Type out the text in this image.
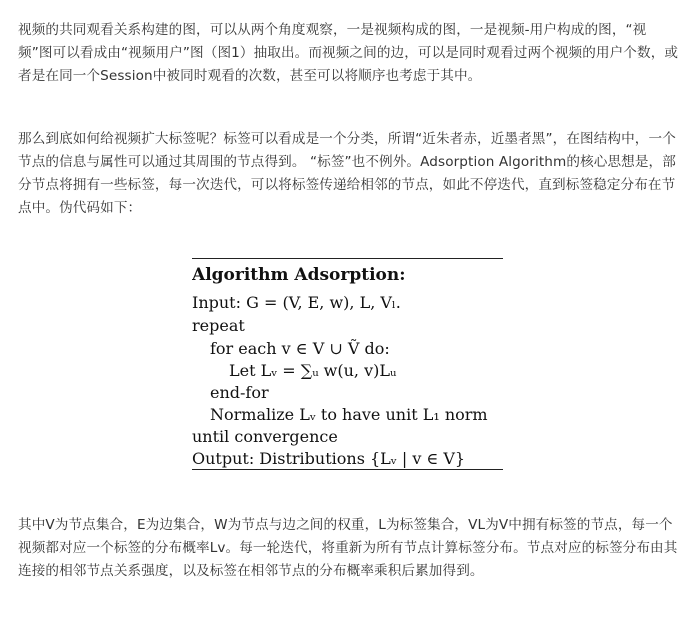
视频的共同观看关系构建的图，可以从两个角度观察，一是视频构成的图，一是视频-用户构成的图，“视频”图可以看成由“视频用户”图（图1）抽取出。而视频之间的边，可以是同时观看过两个视频的用户个数，或者是在同一个Session中被同时观看的次数，甚至可以将顺序也考虑于其中。

那么到底如何给视频扩大标签呢？标签可以看成是一个分类，所谓“近朱者赤，近墨者黑”，在图结构中，一个节点的信息与属性可以通过其周围的节点得到。 “标签”也不例外。Adsorption Algorithm的核心思想是，部分节点将拥有一些标签，每一次迭代，可以将标签传递给相邻的节点，如此不停迭代，直到标签稳定分布在节点中。伪代码如下：

Algorithm Adsorption:
Input: G = (V, E, w), L, Vₗ.
repeat
for each v ∈ V ∪ Ṽ do:
Let Lᵥ = ∑ᵤ w(u, v)Lᵤ
end-for
Normalize Lᵥ to have unit L₁ norm
until convergence
Output: Distributions {Lᵥ | v ∈ V}

其中V为节点集合，E为边集合，W为节点与边之间的权重，L为标签集合，VL为V中拥有标签的节点，每一个视频都对应一个标签的分布概率Lv。每一轮迭代，将重新为所有节点计算标签分布。节点对应的标签分布由其连接的相邻节点关系强度，以及标签在相邻节点的分布概率乘积后累加得到。
